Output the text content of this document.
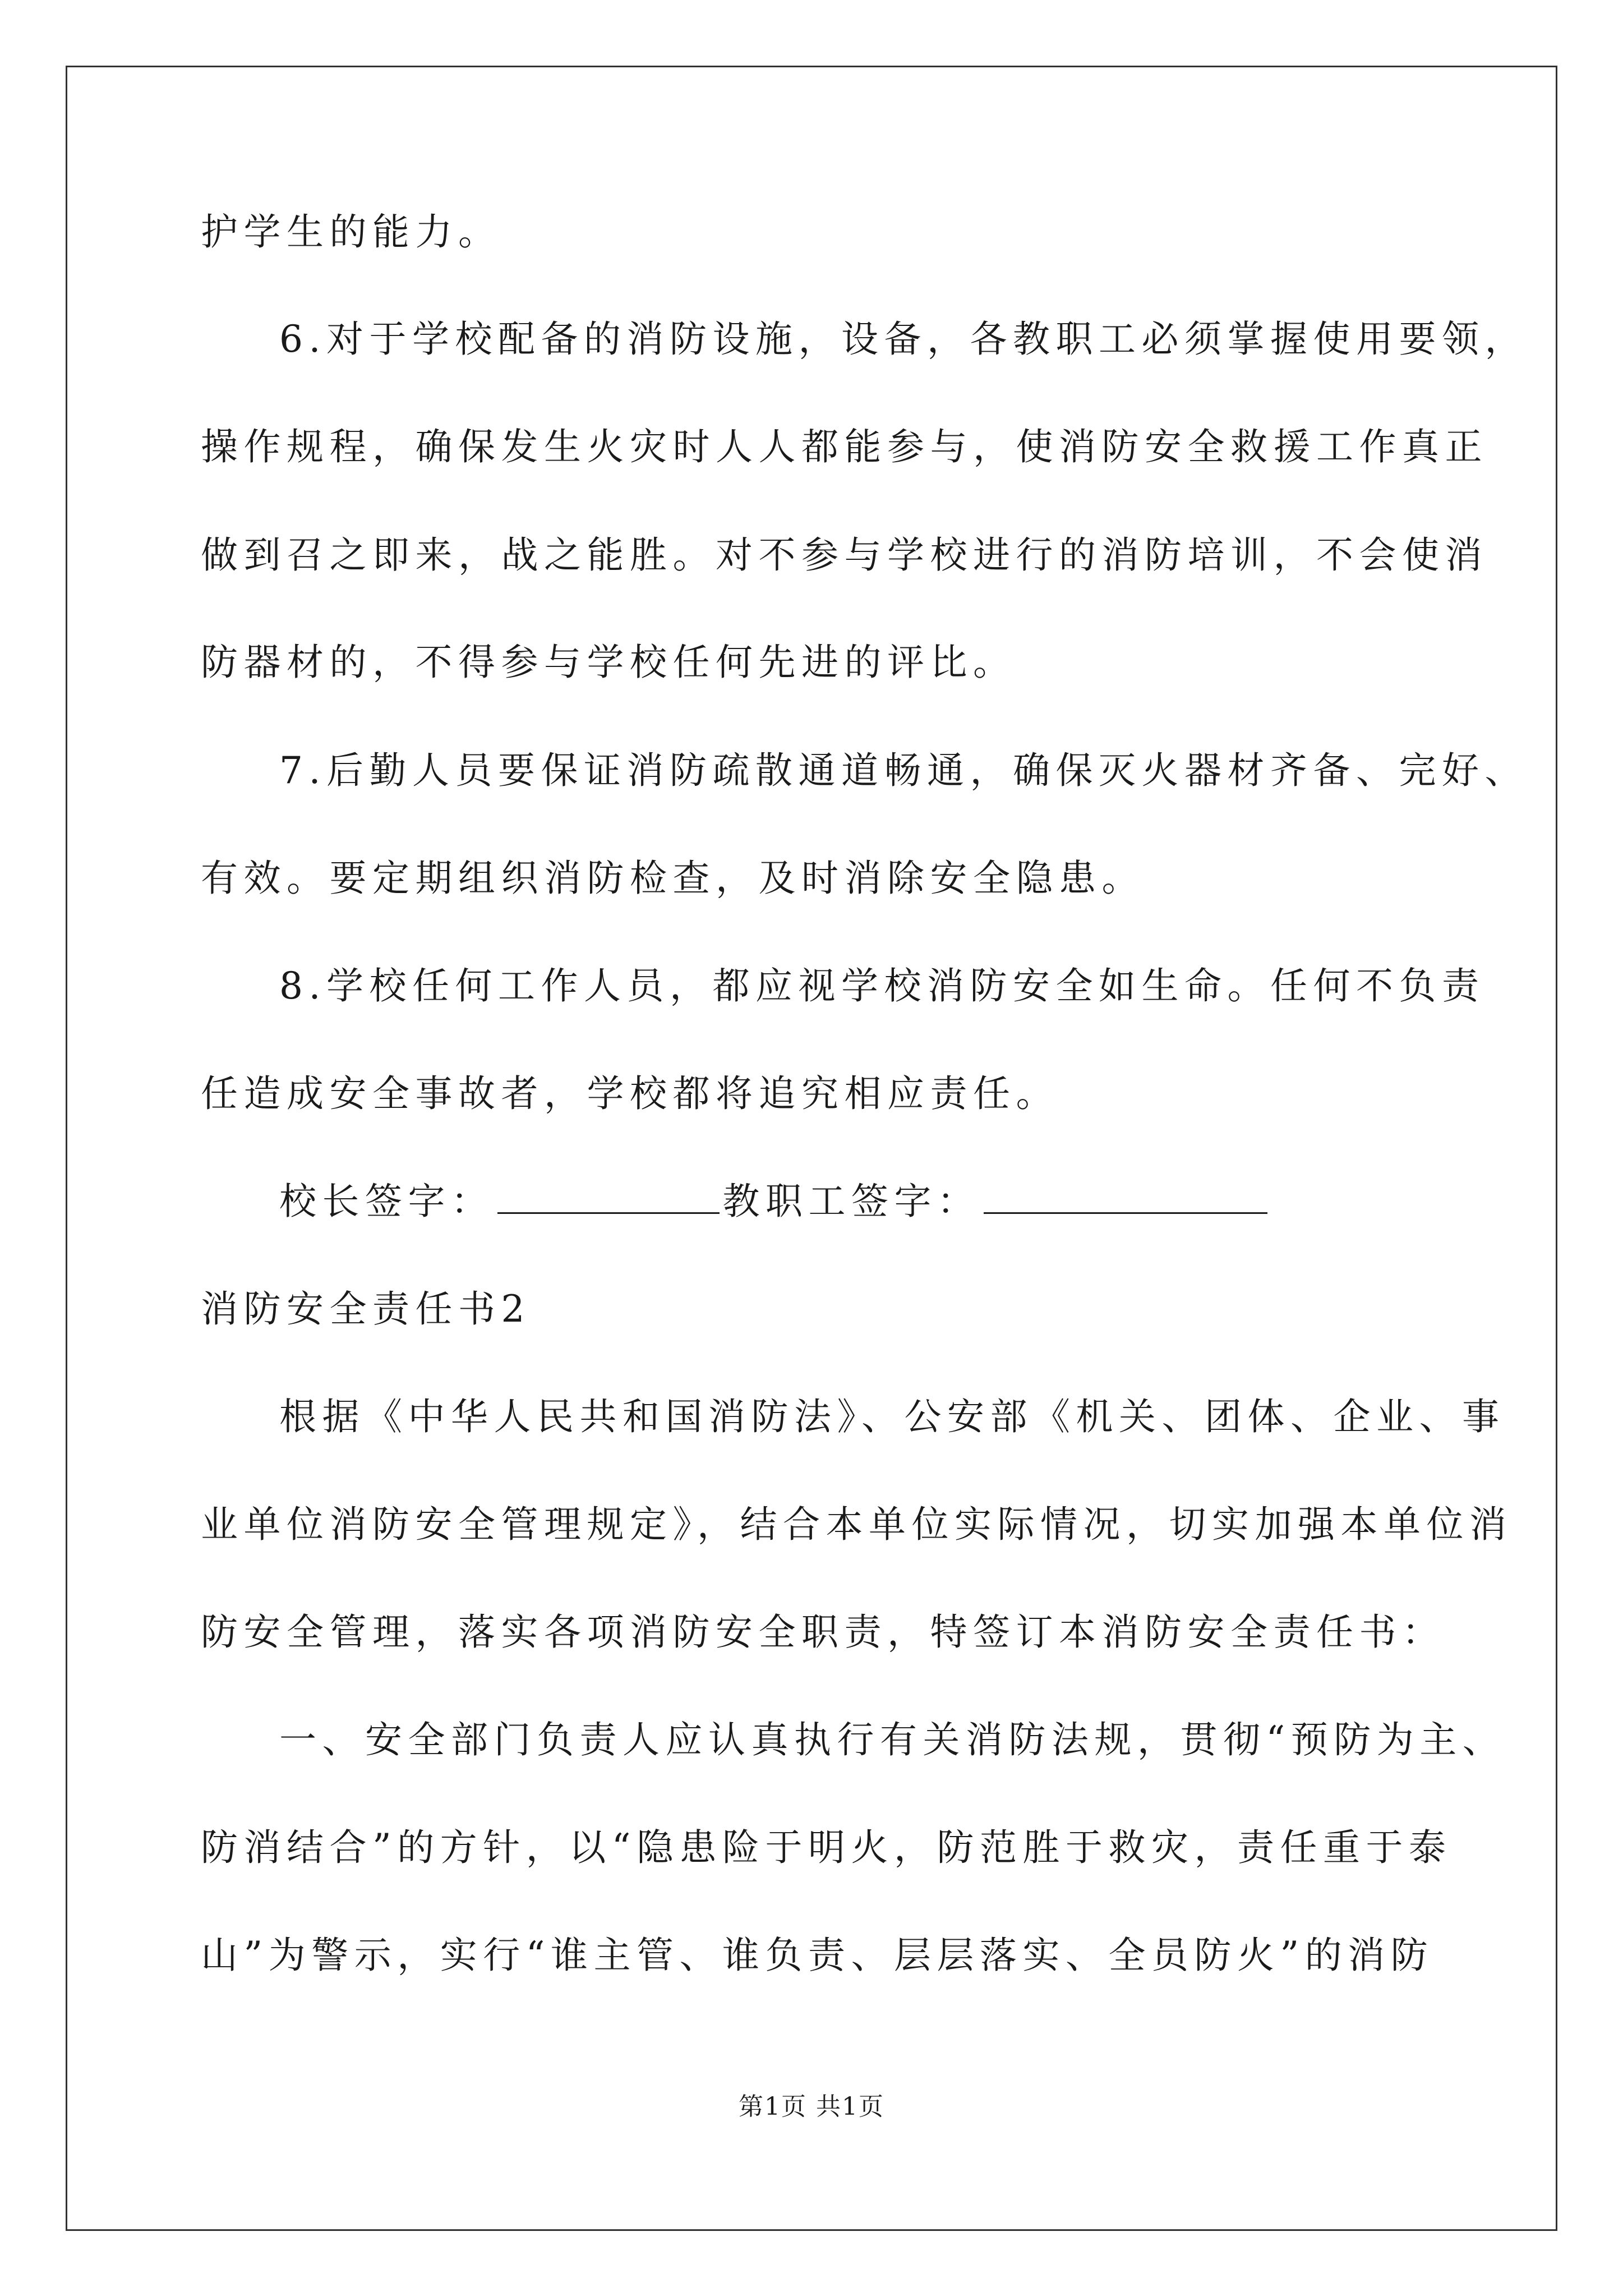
护学生的能力。
6.对于学校配备的消防设施，设备，各教职工必须掌握使用要领，
操作规程，确保发生火灾时人人都能参与，使消防安全救援工作真正
做到召之即来，战之能胜。对不参与学校进行的消防培训，不会使消
防器材的，不得参与学校任何先进的评比。
7.后勤人员要保证消防疏散通道畅通，确保灭火器材齐备、完好、
有效。要定期组织消防检查，及时消除安全隐患。
8.学校任何工作人员，都应视学校消防安全如生命。任何不负责
任造成安全事故者，学校都将追究相应责任。
校长签字：	教职工签字：
消防安全责任书2
根据《中华人民共和国消防法》、公安部《机关、团体、企业、事
业单位消防安全管理规定》，结合本单位实际情况，切实加强本单位消
防安全管理，落实各项消防安全职责，特签订本消防安全责任书：
一、安全部门负责人应认真执行有关消防法规，贯彻“预防为主、
防消结合”的方针，以“隐患险于明火，防范胜于救灾，责任重于泰
山”为警示，实行“谁主管、谁负责、层层落实、全员防火”的消防
第1页 共1页
